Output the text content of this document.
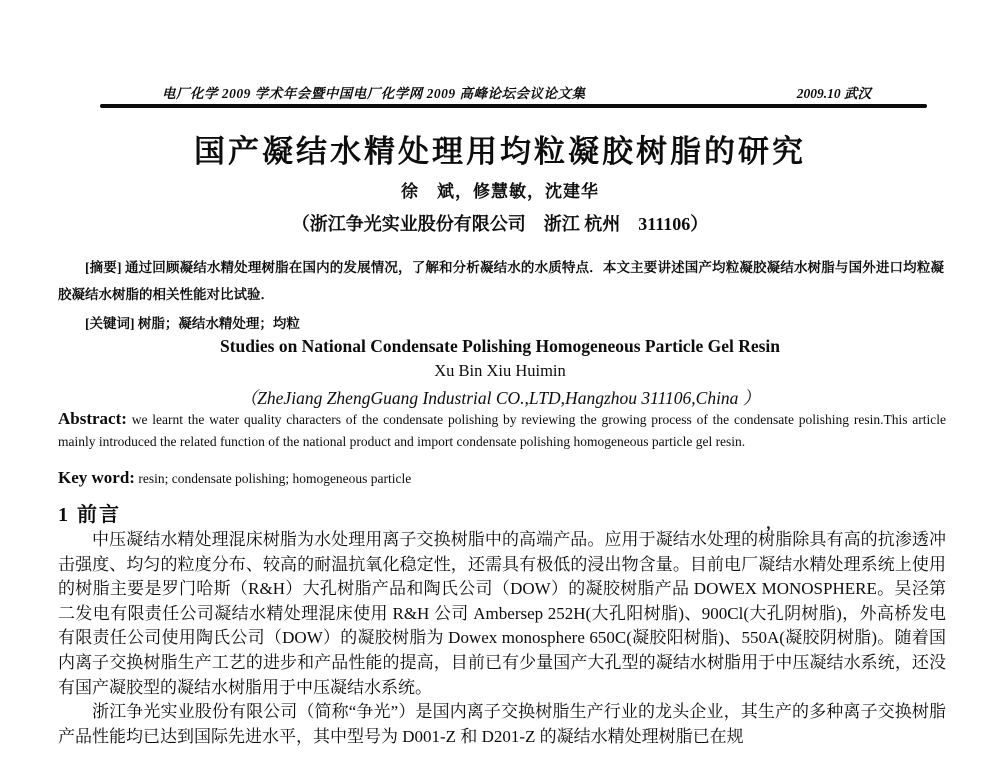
电厂化学 2009 学术年会暨中国电厂化学网 2009 高峰论坛会议论文集	2009.10 武汉
国产凝结水精处理用均粒凝胶树脂的研究
徐　斌，修慧敏，沈建华
（浙江争光实业股份有限公司　浙江 杭州　311106）

[摘要] 通过回顾凝结水精处理树脂在国内的发展情况，了解和分析凝结水的水质特点．本文主要讲述国产均粒凝胶凝结水树脂与国外进口均粒凝胶凝结水树脂的相关性能对比试验．

[关键词] 树脂；凝结水精处理；均粒

Studies on National Condensate Polishing Homogeneous Particle Gel Resin
Xu Bin Xiu Huimin
（ZheJiang ZhengGuang Industrial CO.,LTD,Hangzhou 311106,China ）

Abstract: we learnt the water quality characters of the condensate polishing by reviewing the growing process of the condensate polishing resin.This article mainly introduced the related function of the national product and import condensate polishing homogeneous particle gel resin.

Key word: resin; condensate polishing; homogeneous particle

1 前言	，

中压凝结水精处理混床树脂为水处理用离子交换树脂中的高端产品。应用于凝结水处理的树脂除具有高的抗渗透冲击强度、均匀的粒度分布、较高的耐温抗氧化稳定性，还需具有极低的浸出物含量。目前电厂凝结水精处理系统上使用的树脂主要是罗门哈斯（R&H）大孔树脂产品和陶氏公司（DOW）的凝胶树脂产品 DOWEX MONOSPHERE。吴泾第二发电有限责任公司凝结水精处理混床使用 R&H 公司 Ambersep 252H(大孔阳树脂)、900Cl(大孔阴树脂)，外高桥发电有限责任公司使用陶氏公司（DOW）的凝胶树脂为 Dowex monosphere 650C(凝胶阳树脂)、550A(凝胶阴树脂)。随着国内离子交换树脂生产工艺的进步和产品性能的提高，目前已有少量国产大孔型的凝结水树脂用于中压凝结水系统，还没有国产凝胶型的凝结水树脂用于中压凝结水系统。

浙江争光实业股份有限公司（简称“争光”）是国内离子交换树脂生产行业的龙头企业，其生产的多种离子交换树脂产品性能均已达到国际先进水平，其中型号为 D001-Z 和 D201-Z 的凝结水精处理树脂已在规
